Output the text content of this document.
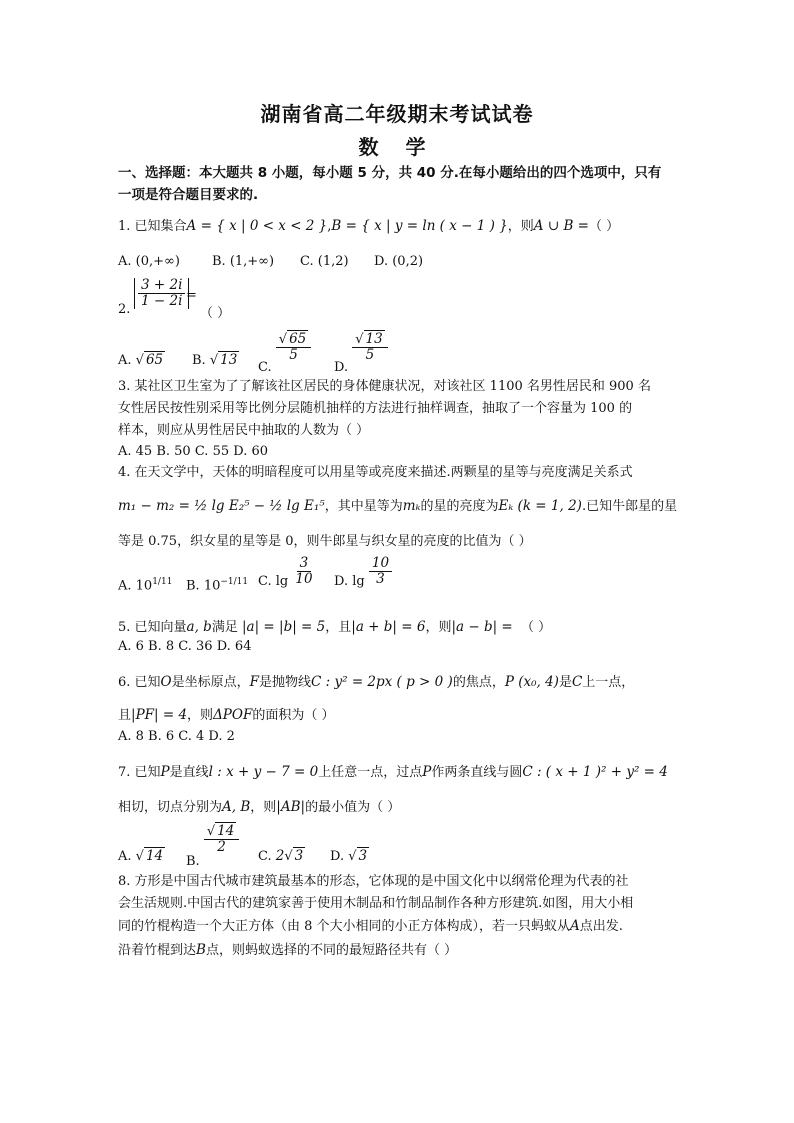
湖南省高二年级期末考试试卷
数 学
一、选择题：本大题共 8 小题，每小题 5 分，共 40 分.在每小题给出的四个选项中，只有
一项是符合题目要求的.
1. 已知集合A = { x | 0 < x < 2 },B = { x | y = ln ( x − 1 ) }，则A ∪ B =（ ）
A. (0,+∞) B. (1,+∞) C. (1,2) D. (0,2)
2.
$\frac{3 + 2i}{1 - 2i}$ =
（ ）
A. √ 65 B. √ 13 C.
$\frac{√ 65}{5}$
D.
$\frac{√ 13}{5}$
3. 某社区卫生室为了了解该社区居民的身体健康状况，对该社区 1100 名男性居民和 900 名
女性居民按性别采用等比例分层随机抽样的方法进行抽样调查，抽取了一个容量为 100 的
样本，则应从男性居民中抽取的人数为（ ）
A. 45 B. 50 C. 55 D. 60
4. 在天文学中，天体的明暗程度可以用星等或亮度来描述.两颗星的星等与亮度满足关系式
m₁ − m₂ = ½ lg E₂⁵ − ½ lg E₁⁵，其中星等为mₖ的星的亮度为Eₖ (k = 1, 2).已知牛郎星的星
等是 0.75，织女星的星等是 0，则牛郎星与织女星的亮度的比值为（ ）
A. $10^{1/11}$ B. $10^{-1/11}$ C. $\lg \frac{3}{10} D$. $\lg \frac{10}{3}$
5. 已知向量a, b满足 |a| = |b| = 5，且|a + b| = 6，则|a − b| = （ ）
A. 6 B. 8 C. 36 D. 64
6. 已知O是坐标原点，F是抛物线C : y² = 2px ( p > 0 )的焦点，P (x₀, 4)是C上一点，
且|PF| = 4，则ΔPOF的面积为（ ）
A. 8 B. 6 C. 4 D. 2
7. 已知P是直线l : x + y − 7 = 0上任意一点，过点P作两条直线与圆C : ( x + 1 )² + y² = 4
相切，切点分别为A, B，则|AB|的最小值为（ ）
A. √ 14 B.
$\frac{√ 14}{2}$
C. 2√ 3 D. √ 3
8. 方形是中国古代城市建筑最基本的形态，它体现的是中国文化中以纲常伦理为代表的社
会生活规则.中国古代的建筑家善于使用木制品和竹制品制作各种方形建筑.如图，用大小相
同的竹棍构造一个大正方体（由 8 个大小相同的小正方体构成），若一只蚂蚁从A点出发.
沿着竹棍到达B点，则蚂蚁选择的不同的最短路径共有（ ）
